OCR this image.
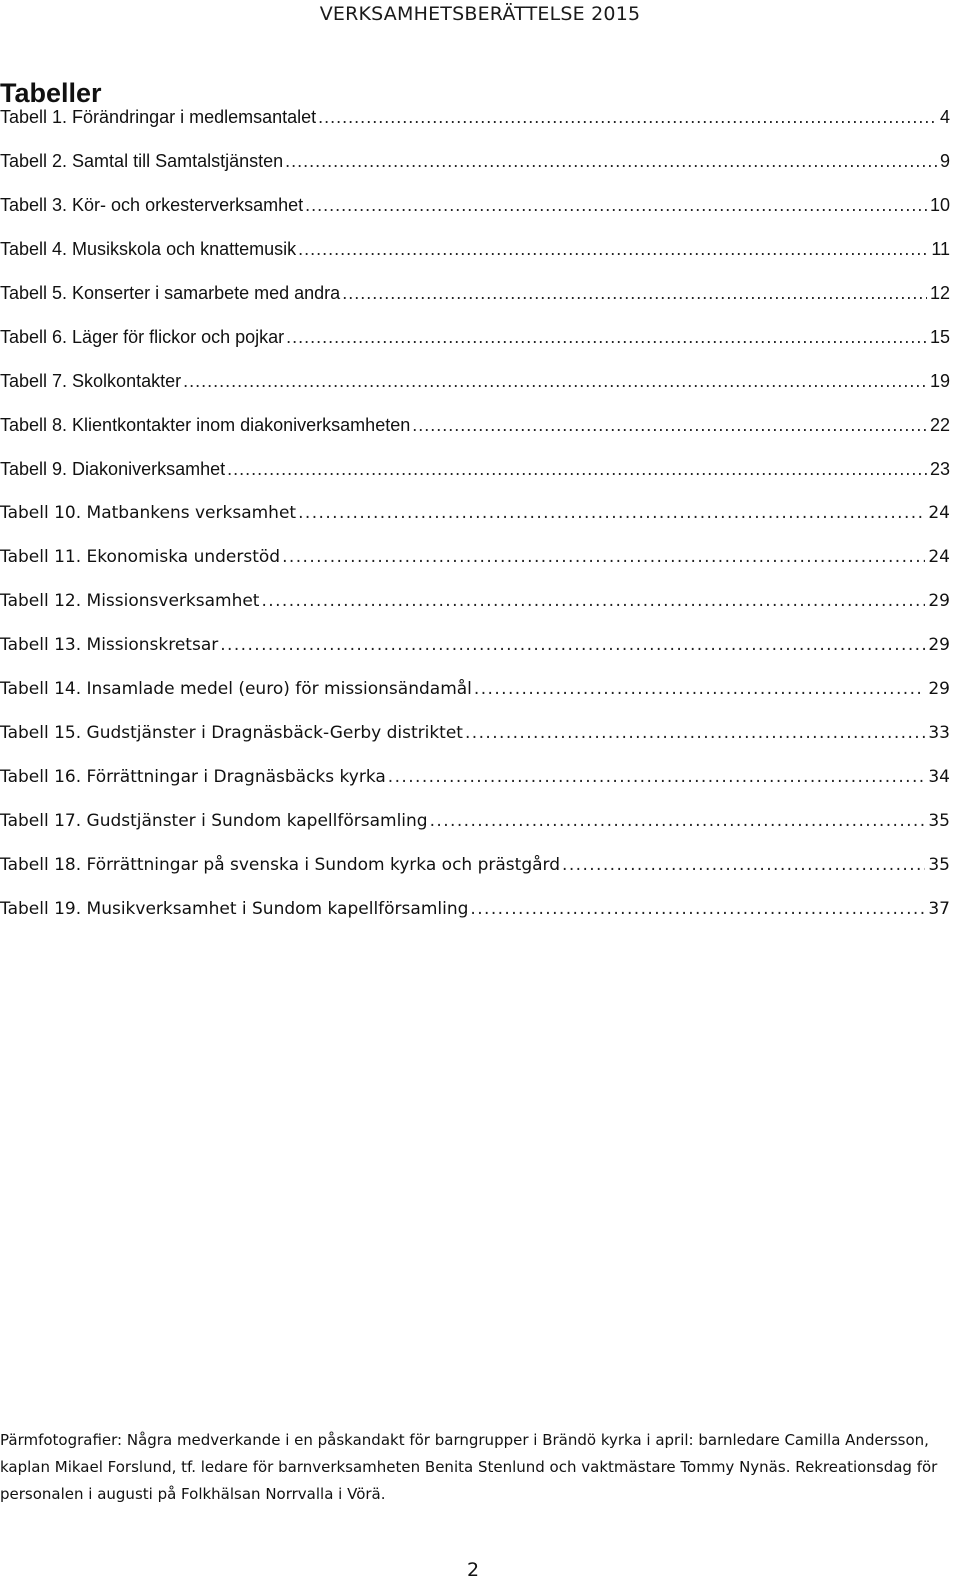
VERKSAMHETSBERÄTTELSE 2015
Tabeller
Tabell 1. Förändringar i medlemsantalet . . .	4
Tabell 2. Samtal till Samtalstjänsten . . .	9
Tabell 3. Kör- och orkesterverksamhet . . .	10
Tabell 4. Musikskola och knattemusik . . .	11
Tabell 5. Konserter i samarbete med andra . . .	12
Tabell 6. Läger för flickor och pojkar . . .	15
Tabell 7. Skolkontakter . . .	19
Tabell 8. Klientkontakter inom diakoniverksamheten . . .	22
Tabell 9. Diakoniverksamhet . . .	23
Tabell 10. Matbankens verksamhet . . .	24
Tabell 11. Ekonomiska understöd . . .	24
Tabell 12. Missionsverksamhet . . .	29
Tabell 13. Missionskretsar . . .	29
Tabell 14. Insamlade medel (euro) för missionsändamål . . .	29
Tabell 15. Gudstjänster i Dragnäsbäck-Gerby distriktet . . .	33
Tabell 16. Förrättningar i Dragnäsbäcks kyrka . . .	34
Tabell 17. Gudstjänster i Sundom kapellförsamling . . .	35
Tabell 18. Förrättningar på svenska i Sundom kyrka och prästgård . . .	35
Tabell 19. Musikverksamhet i Sundom kapellförsamling . . .	37
Pärmfotografier: Några medverkande i en påskandakt för barngrupper i Brändö kyrka i april: barnledare Camilla Andersson, kaplan Mikael Forslund, tf. ledare för barnverksamheten Benita Stenlund och vaktmästare Tommy Nynäs. Rekreationsdag för personalen i augusti på Folkhälsan Norrvalla i Vörä.
2
